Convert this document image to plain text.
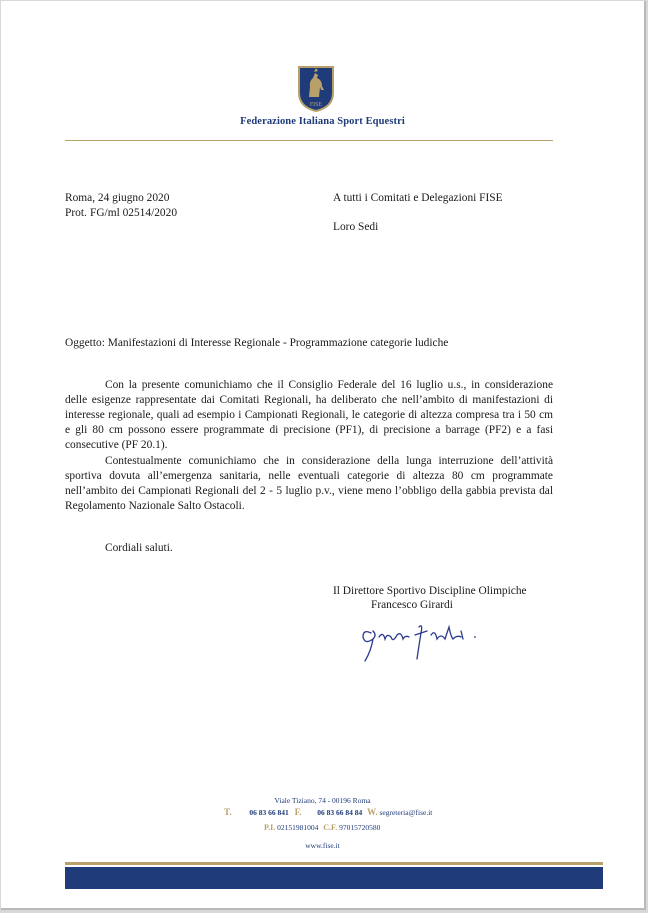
FISE
Federazione Italiana Sport Equestri
Roma, 24 giugno 2020
Prot. FG/ml 02514/2020
A tutti i Comitati e Delegazioni FISE
Loro Sedi
Oggetto: Manifestazioni di Interesse Regionale - Programmazione categorie ludiche
Con la presente comunichiamo che il Consiglio Federale del 16 luglio u.s., in considerazione
delle esigenze rappresentate dai Comitati Regionali, ha deliberato che nell’ambito di manifestazioni di
interesse regionale, quali ad esempio i Campionati Regionali, le categorie di altezza compresa tra i 50 cm
e gli 80 cm possono essere programmate di precisione (PF1), di precisione a barrage (PF2) e a fasi
consecutive (PF 20.1).
Contestualmente comunichiamo che in considerazione della lunga interruzione dell’attività
sportiva dovuta all’emergenza sanitaria, nelle eventuali categorie di altezza 80 cm programmate
nell’ambito dei Campionati Regionali del 2 - 5 luglio p.v., viene meno l’obbligo della gabbia prevista dal
Regolamento Nazionale Salto Ostacoli.
Cordiali saluti.
Il Direttore Sportivo Discipline Olimpiche
Francesco Girardi
Viale Tiziano, 74 - 00196 Roma
T. 06 83 66 841 F. 06 83 66 84 84 W. segreteria@fise.it
P.I. 02151981004 C.F. 97015720580
www.fise.it
